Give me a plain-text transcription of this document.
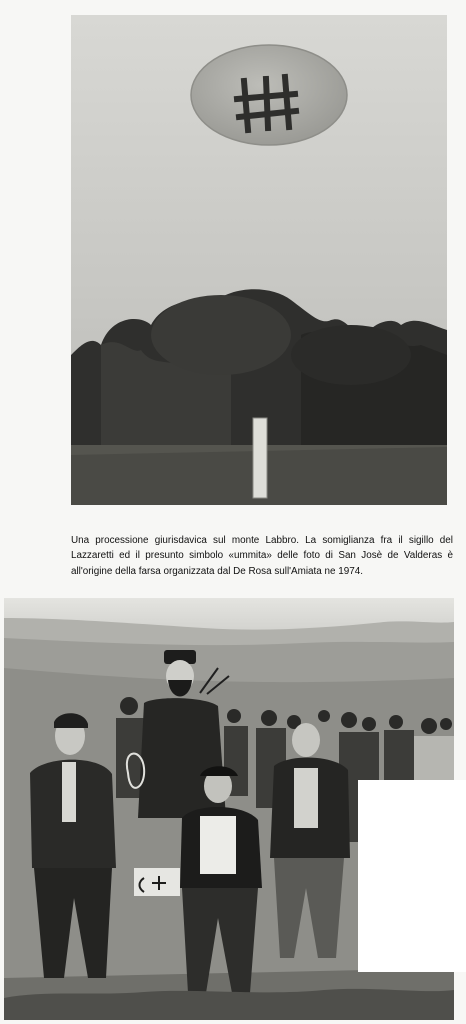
Una processione giurisdavica sul monte Labbro. La somiglianza fra il sigillo del Lazzaretti ed il presunto simbolo «ummita» delle foto di San Josè de Valderas è all'origine della farsa organizzata dal De Rosa sull'Amiata ne 1974.
